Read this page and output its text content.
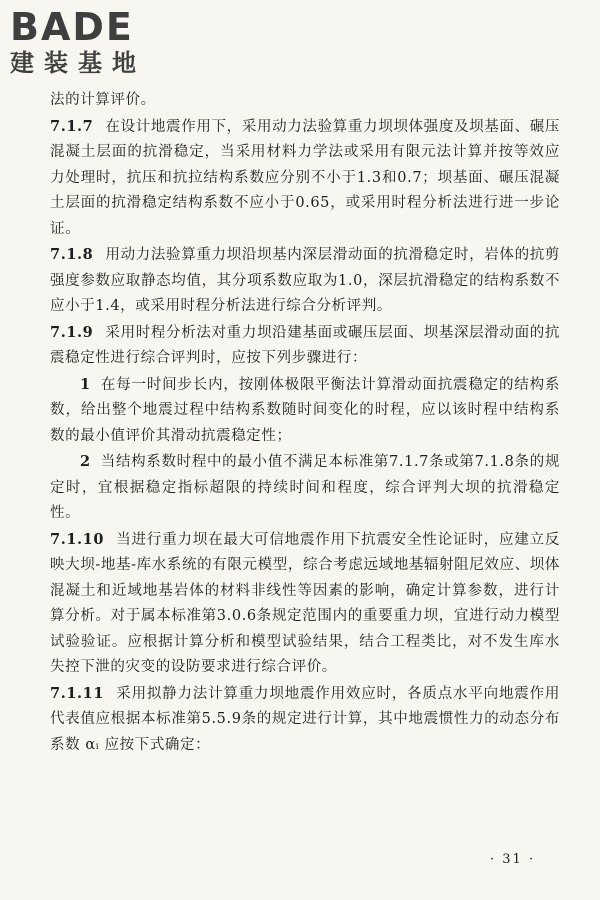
BADE
建装基地

法的计算评价。

7.1.7 在设计地震作用下，采用动力法验算重力坝坝体强度及坝基面、碾压混凝土层面的抗滑稳定，当采用材料力学法或采用有限元法计算并按等效应力处理时，抗压和抗拉结构系数应分别不小于1.3和0.7；坝基面、碾压混凝土层面的抗滑稳定结构系数不应小于0.65，或采用时程分析法进行进一步论证。

7.1.8 用动力法验算重力坝沿坝基内深层滑动面的抗滑稳定时，岩体的抗剪强度参数应取静态均值，其分项系数应取为1.0，深层抗滑稳定的结构系数不应小于1.4，或采用时程分析法进行综合分析评判。

7.1.9 采用时程分析法对重力坝沿建基面或碾压层面、坝基深层滑动面的抗震稳定性进行综合评判时，应按下列步骤进行：

1 在每一时间步长内，按刚体极限平衡法计算滑动面抗震稳定的结构系数，给出整个地震过程中结构系数随时间变化的时程，应以该时程中结构系数的最小值评价其滑动抗震稳定性；

2 当结构系数时程中的最小值不满足本标准第7.1.7条或第7.1.8条的规定时，宜根据稳定指标超限的持续时间和程度，综合评判大坝的抗滑稳定性。

7.1.10 当进行重力坝在最大可信地震作用下抗震安全性论证时，应建立反映大坝-地基-库水系统的有限元模型，综合考虑远域地基辐射阻尼效应、坝体混凝土和近域地基岩体的材料非线性等因素的影响，确定计算参数，进行计算分析。对于属本标准第3.0.6条规定范围内的重要重力坝，宜进行动力模型试验验证。应根据计算分析和模型试验结果，结合工程类比，对不发生库水失控下泄的灾变的设防要求进行综合评价。

7.1.11 采用拟静力法计算重力坝地震作用效应时，各质点水平向地震作用代表值应根据本标准第5.5.9条的规定进行计算，其中地震惯性力的动态分布系数 αᵢ 应按下式确定：

· 31 ·
